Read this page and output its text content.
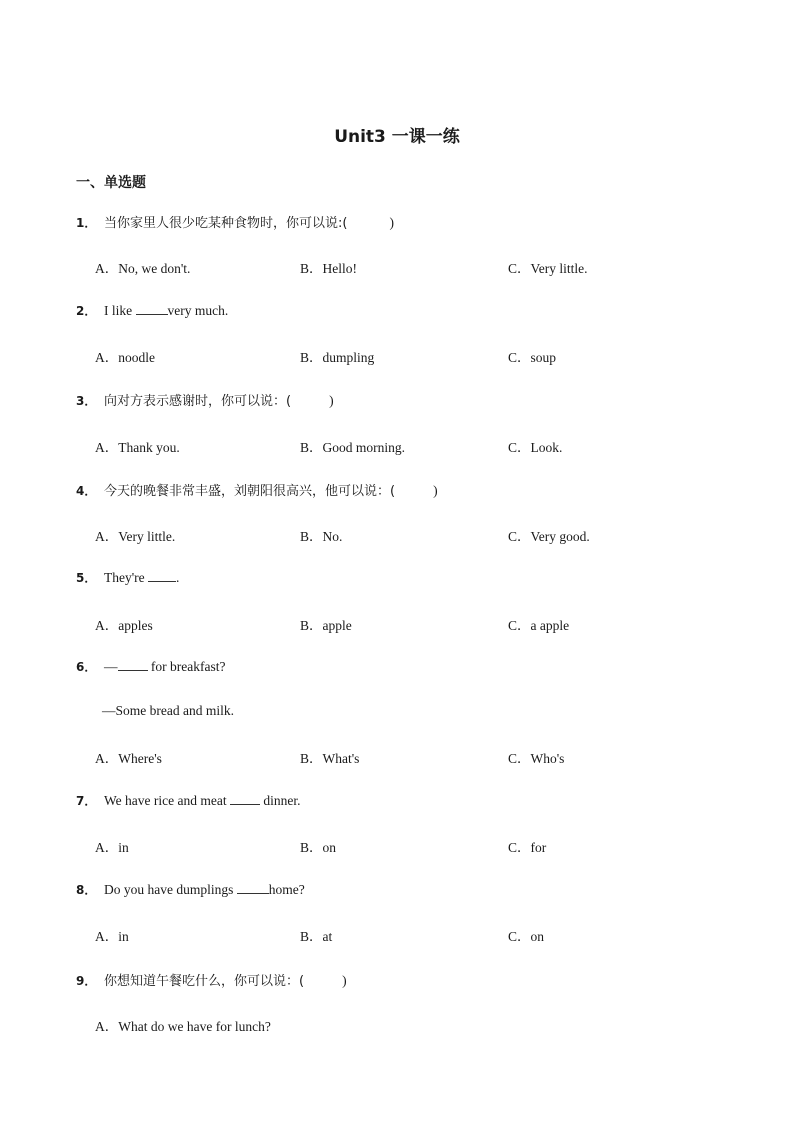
Unit3 一课一练
一、单选题
1． 当你家里人很少吃某种食物时，你可以说:(	)
A．No, we don't.	B．Hello!	C．Very little.
2． I like very much.
A．noodle	B．dumpling	C．soup
3． 向对方表示感谢时，你可以说：(	)
A．Thank you.	B．Good morning.	C．Look.
4． 今天的晚餐非常丰盛，刘朝阳很高兴，他可以说：(	)
A．Very little.	B．No.	C．Very good.
5． They're .
A．apples	B．apple	C．a apple
6． — for breakfast?
—Some bread and milk.
A．Where's	B．What's	C．Who's
7． We have rice and meat  dinner.
A．in	B．on	C．for
8． Do you have dumplings home?
A．in	B．at	C．on
9． 你想知道午餐吃什么，你可以说：(	)
A．What do we have for lunch?
